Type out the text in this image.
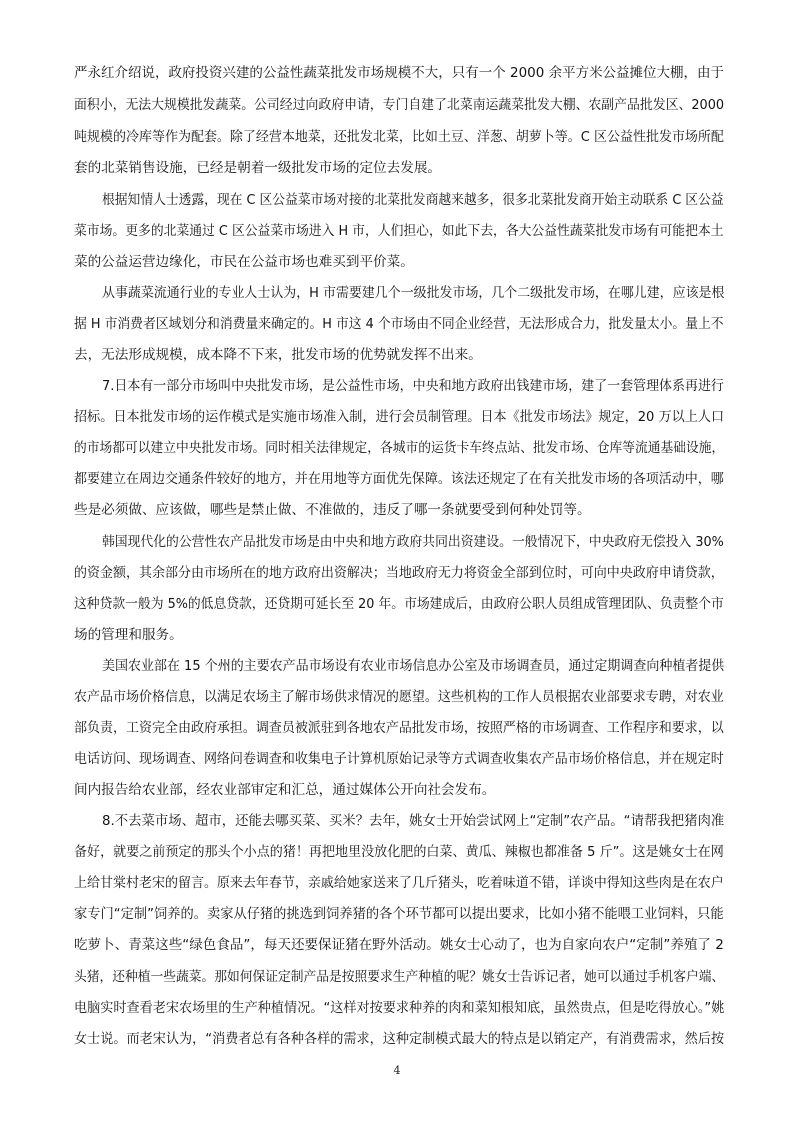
严永红介绍说，政府投资兴建的公益性蔬菜批发市场规模不大，只有一个 2000 余平方米公益摊位大棚，由于
面积小，无法大规模批发蔬菜。公司经过向政府申请，专门自建了北菜南运蔬菜批发大棚、农副产品批发区、2000
吨规模的冷库等作为配套。除了经营本地菜，还批发北菜，比如土豆、洋葱、胡萝卜等。C 区公益性批发市场所配
套的北菜销售设施，已经是朝着一级批发市场的定位去发展。
根据知情人士透露，现在 C 区公益菜市场对接的北菜批发商越来越多，很多北菜批发商开始主动联系 C 区公益
菜市场。更多的北菜通过 C 区公益菜市场进入 H 市，人们担心，如此下去，各大公益性蔬菜批发市场有可能把本土
菜的公益运营边缘化，市民在公益市场也难买到平价菜。
从事蔬菜流通行业的专业人士认为，H 市需要建几个一级批发市场，几个二级批发市场，在哪儿建，应该是根
据 H 市消费者区域划分和消费量来确定的。H 市这 4 个市场由不同企业经营，无法形成合力，批发量太小。量上不
去，无法形成规模，成本降不下来，批发市场的优势就发挥不出来。
7.日本有一部分市场叫中央批发市场，是公益性市场，中央和地方政府出钱建市场，建了一套管理体系再进行
招标。日本批发市场的运作模式是实施市场准入制，进行会员制管理。日本《批发市场法》规定，20 万以上人口
的市场都可以建立中央批发市场。同时相关法律规定，各城市的运货卡车终点站、批发市场、仓库等流通基础设施，
都要建立在周边交通条件较好的地方，并在用地等方面优先保障。该法还规定了在有关批发市场的各项活动中，哪
些是必须做、应该做，哪些是禁止做、不准做的，违反了哪一条就要受到何种处罚等。
韩国现代化的公营性农产品批发市场是由中央和地方政府共同出资建设。一般情况下，中央政府无偿投入 30%
的资金额，其余部分由市场所在的地方政府出资解决；当地政府无力将资金全部到位时，可向中央政府申请贷款，
这种贷款一般为 5%的低息贷款，还贷期可延长至 20 年。市场建成后，由政府公职人员组成管理团队、负责整个市
场的管理和服务。
美国农业部在 15 个州的主要农产品市场设有农业市场信息办公室及市场调查员，通过定期调查向种植者提供
农产品市场价格信息，以满足农场主了解市场供求情况的愿望。这些机构的工作人员根据农业部要求专聘，对农业
部负责，工资完全由政府承担。调查员被派驻到各地农产品批发市场，按照严格的市场调查、工作程序和要求，以
电话访问、现场调查、网络问卷调查和收集电子计算机原始记录等方式调查收集农产品市场价格信息，并在规定时
间内报告给农业部，经农业部审定和汇总，通过媒体公开向社会发布。
8.不去菜市场、超市，还能去哪买菜、买米？去年，姚女士开始尝试网上“定制”农产品。“请帮我把猪肉准
备好，就要之前预定的那头个小点的猪！再把地里没放化肥的白菜、黄瓜、辣椒也都准备 5 斤”。这是姚女士在网
上给甘棠村老宋的留言。原来去年春节，亲戚给她家送来了几斤猪头，吃着味道不错，详谈中得知这些肉是在农户
家专门“定制”饲养的。卖家从仔猪的挑选到饲养猪的各个环节都可以提出要求，比如小猪不能喂工业饲料，只能
吃萝卜、青菜这些“绿色食品”，每天还要保证猪在野外活动。姚女士心动了，也为自家向农户“定制”养殖了 2
头猪，还种植一些蔬菜。那如何保证定制产品是按照要求生产种植的呢？姚女士告诉记者，她可以通过手机客户端、
电脑实时查看老宋农场里的生产种植情况。“这样对按要求种养的肉和菜知根知底，虽然贵点，但是吃得放心。”姚
女士说。而老宋认为，“消费者总有各种各样的需求，这种定制模式最大的特点是以销定产，有消费需求，然后按
4
